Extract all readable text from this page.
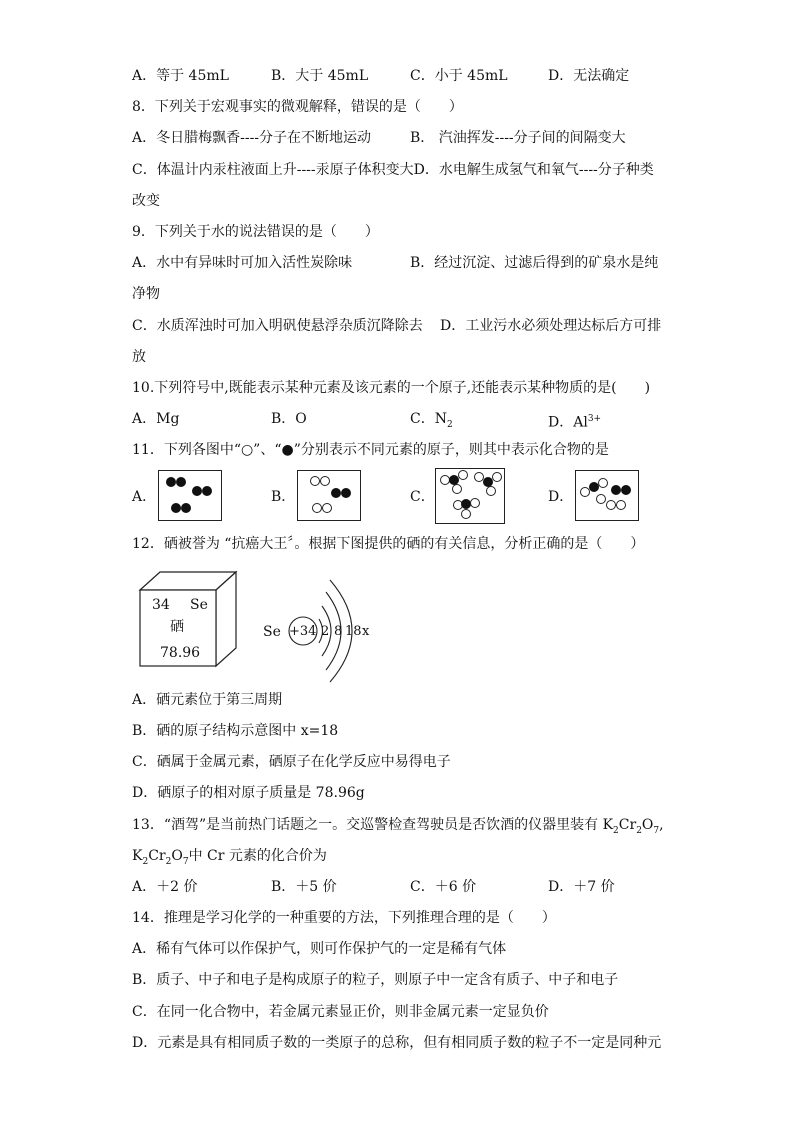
A．等于 45mL	B．大于 45mL	C．小于 45mL	D．无法确定
8．下列关于宏观事实的微观解释，错误的是（　　）
A．冬日腊梅飘香----分子在不断地运动	B． 汽油挥发----分子间的间隔变大
C．体温计内汞柱液面上升----汞原子体积变大D．水电解生成氢气和氧气----分子种类
改变
9．下列关于水的说法错误的是（　　）
A．水中有异味时可加入活性炭除味	B．经过沉淀、过滤后得到的矿泉水是纯
净物
C．水质浑浊时可加入明矾使悬浮杂质沉降除去 D．工业污水必须处理达标后方可排
放
10.下列符号中,既能表示某种元素及该元素的一个原子,还能表示某种物质的是(　　)
A．Mg	B．O	C．$N_2$	D．$Al^{3+}$
11．下列各图中“○”、“●”分别表示不同元素的原子，则其中表示化合物的是
A．	B．	C．	D．
12．硒被誉为 “抗癌大王〞。根据下图提供的硒的有关信息，分析正确的是（　　）
34 Se
硒
78.96
Se +34 2 8 18 x
A．硒元素位于第三周期
B．硒的原子结构示意图中 x=18
C．硒属于金属元素，硒原子在化学反应中易得电子
D．硒原子的相对原子质量是 78.96g
13．“酒驾”是当前热门话题之一。交巡警检查驾驶员是否饮酒的仪器里装有 $K_2Cr_2O_7$,
$K_2Cr_2O_7$中 Cr 元素的化合价为
A．＋2 价	B．＋5 价	C．＋6 价	D．＋7 价
14．推理是学习化学的一种重要的方法，下列推理合理的是（　　）
A．稀有气体可以作保护气，则可作保护气的一定是稀有气体
B．质子、中子和电子是构成原子的粒子，则原子中一定含有质子、中子和电子
C．在同一化合物中，若金属元素显正价，则非金属元素一定显负价
D．元素是具有相同质子数的一类原子的总称，但有相同质子数的粒子不一定是同种元
